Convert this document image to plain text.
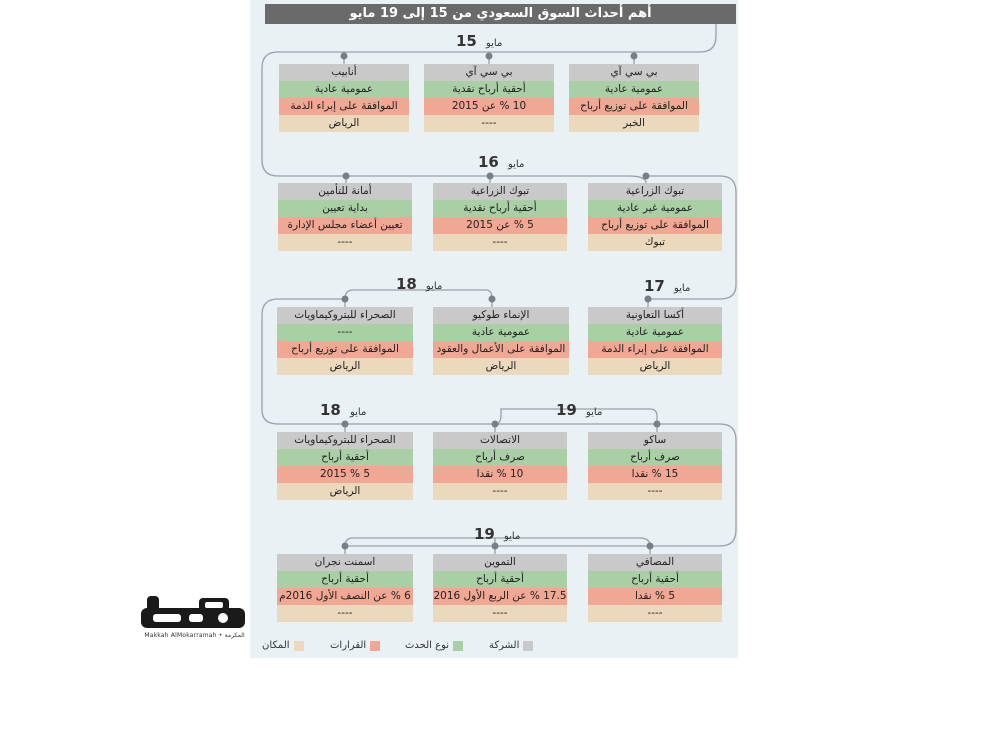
أهم أحداث السوق السعودي من 15 إلى 19 مايو
مايو 15
مايو 16
مايو 18	مايو 17
مايو 18	مايو 19
مايو 19
بي سي آي
عمومية عادية
الموافقة على توزيع أرباح
الخبر
بي سي آي
أحقية أرباح نقدية
10 % عن 2015
----
أنابيب
عمومية عادية
الموافقة على إبراء الذمة
الرياض
تبوك الزراعية
عمومية غير عادية
الموافقة على توزيع أرباح
تبوك
تبوك الزراعية
أحقية أرباح نقدية
5 % عن 2015
----
أمانة للتأمين
بداية تعيين
تعيين أعضاء مجلس الإدارة
----
أكسا التعاونية
عمومية عادية
الموافقة على إبراء الذمة
الرياض
الإنماء طوكيو
عمومية عادية
الموافقة على الأعمال والعقود
الرياض
الصحراء للبتروكيماويات
----
الموافقة على توزيع أرباح
الرياض
ساكو
صرف أرباح
15 % نقدا
----
الاتصالات
صرف أرباح
10 % نقدا
----
الصحراء للبتروكيماويات
أحقية أرباح
5 % 2015
الرياض
المصافي
أحقية أرباح
5 % نقدا
----
التموين
أحقية أرباح
17.5 % عن الربع الأول 2016
----
اسمنت نجران
أحقية أرباح
6 % عن النصف الأول 2016م
----
الشركة
نوع الحدث
القرارات
المكان
Makkah AlMokarramah • المكرمة
